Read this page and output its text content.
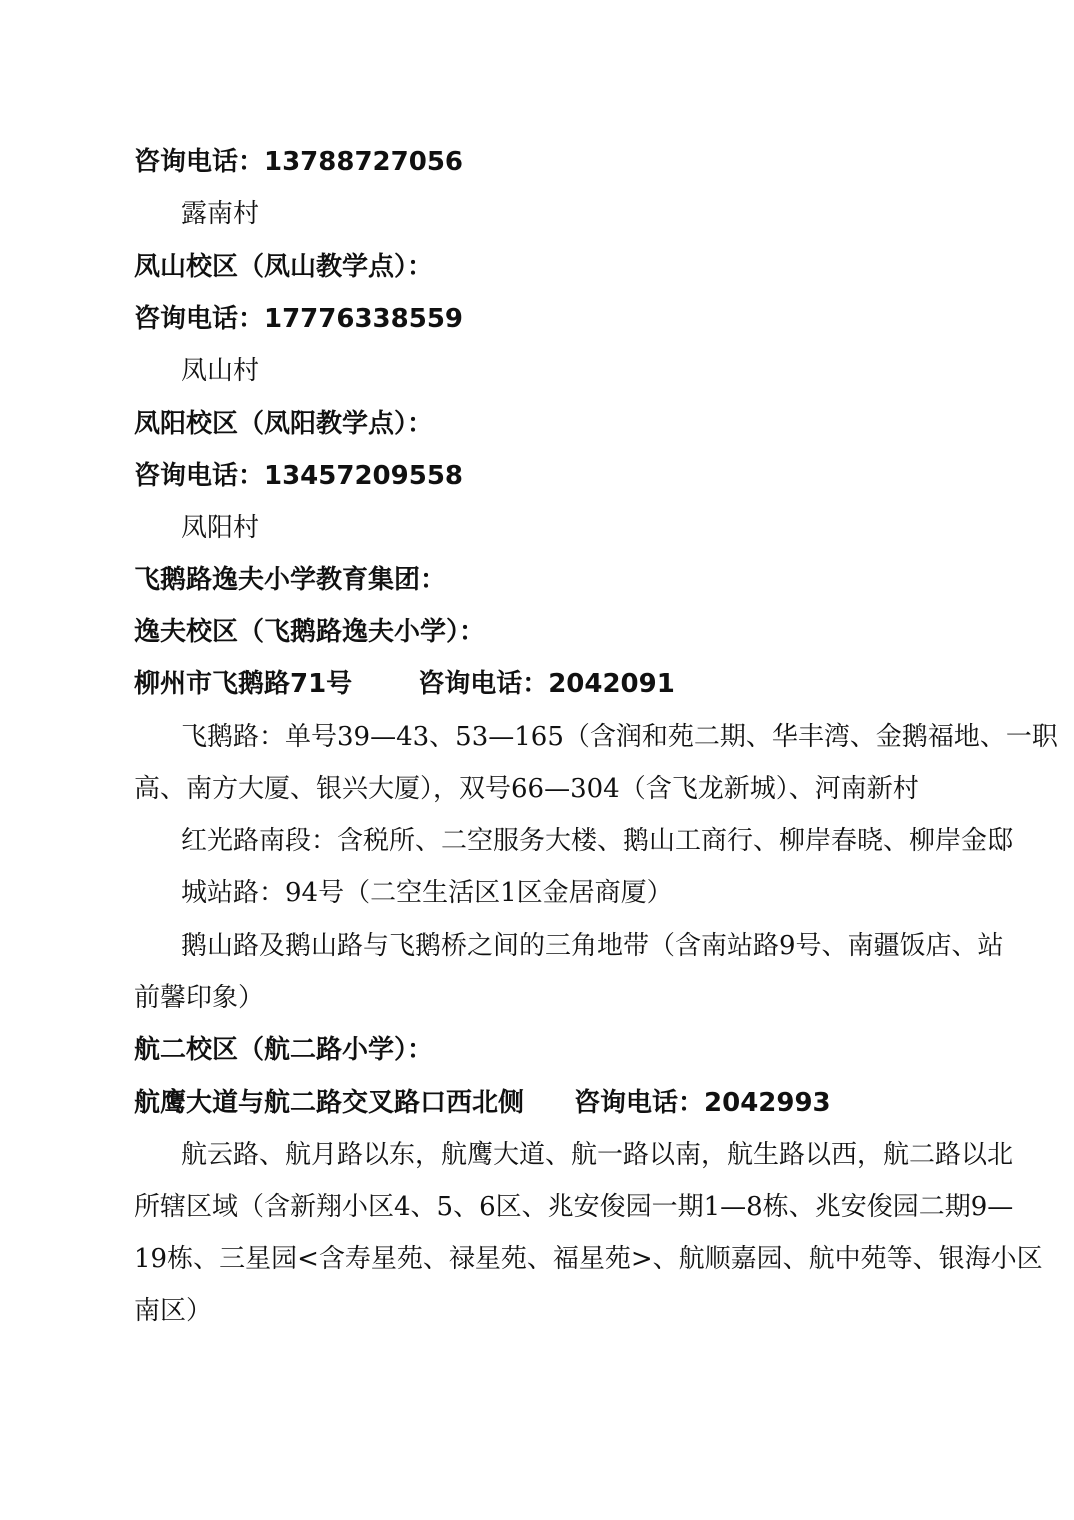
咨询电话：13788727056
露南村
凤山校区（凤山教学点）：
咨询电话：17776338559
凤山村
凤阳校区（凤阳教学点）：
咨询电话：13457209558
凤阳村
飞鹅路逸夫小学教育集团：
逸夫校区（飞鹅路逸夫小学）：
柳州市飞鹅路71号	咨询电话：2042091
飞鹅路：单号39—43、53—165（含润和苑二期、华丰湾、金鹅福地、一职
高、南方大厦、银兴大厦），双号66—304（含飞龙新城）、河南新村
红光路南段：含税所、二空服务大楼、鹅山工商行、柳岸春晓、柳岸金邸
城站路：94号（二空生活区1区金居商厦）
鹅山路及鹅山路与飞鹅桥之间的三角地带（含南站路9号、南疆饭店、站
前馨印象）
航二校区（航二路小学）：
航鹰大道与航二路交叉路口西北侧 咨询电话：2042993
航云路、航月路以东，航鹰大道、航一路以南，航生路以西，航二路以北
所辖区域（含新翔小区4、5、6区、兆安俊园一期1—8栋、兆安俊园二期9—
19栋、三星园<含寿星苑、禄星苑、福星苑>、航顺嘉园、航中苑等、银海小区
南区）
